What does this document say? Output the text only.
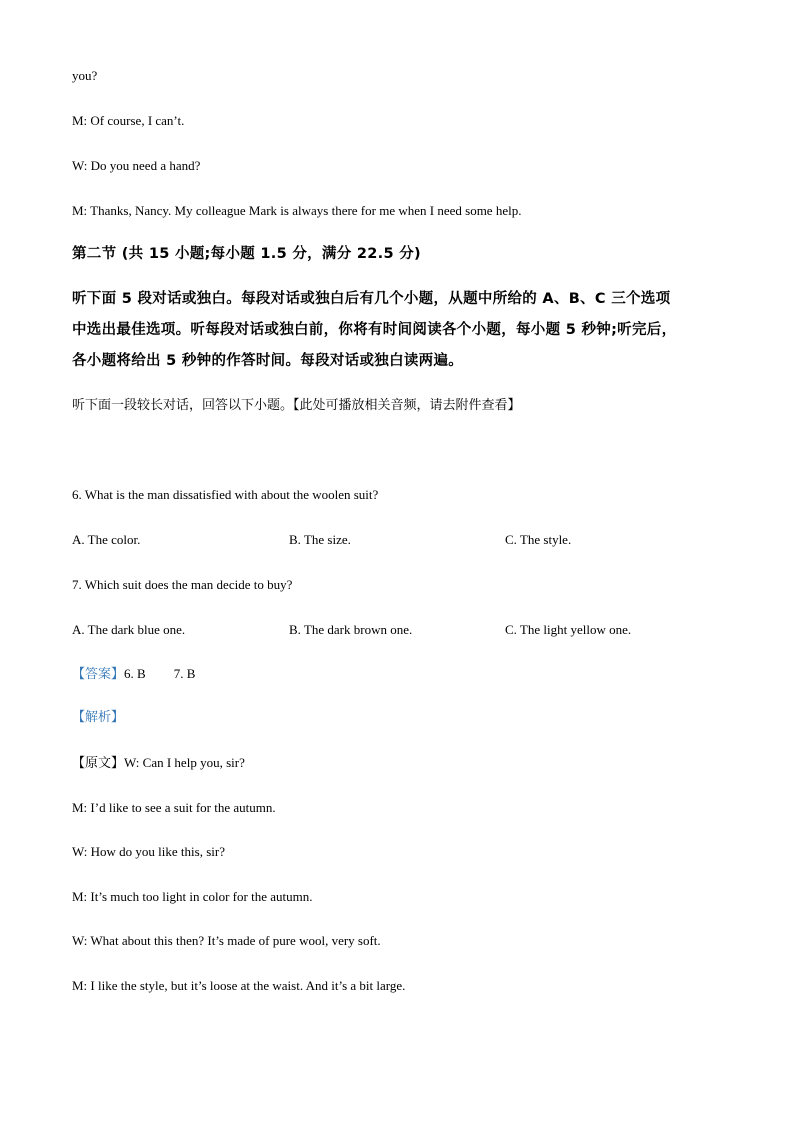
you?
M: Of course, I can’t.
W: Do you need a hand?
M: Thanks, Nancy. My colleague Mark is always there for me when I need some help.
第二节 (共 15 小题;每小题 1.5 分，满分 22.5 分)
听下面 5 段对话或独白。每段对话或独白后有几个小题，从题中所给的 A、B、C 三个选项
中选出最佳选项。听每段对话或独白前，你将有时间阅读各个小题，每小题 5 秒钟;听完后，
各小题将给出 5 秒钟的作答时间。每段对话或独白读两遍。
听下面一段较长对话，回答以下小题。【此处可播放相关音频，请去附件查看】
6. What is the man dissatisfied with about the woolen suit?
A. The color.	B. The size.	C. The style.
7. Which suit does the man decide to buy?
A. The dark blue one.	B. The dark brown one.	C. The light yellow one.
【答案】6. B 7. B
【解析】
【原文】W: Can I help you, sir?
M: I’d like to see a suit for the autumn.
W: How do you like this, sir?
M: It’s much too light in color for the autumn.
W: What about this then? It’s made of pure wool, very soft.
M: I like the style, but it’s loose at the waist. And it’s a bit large.
